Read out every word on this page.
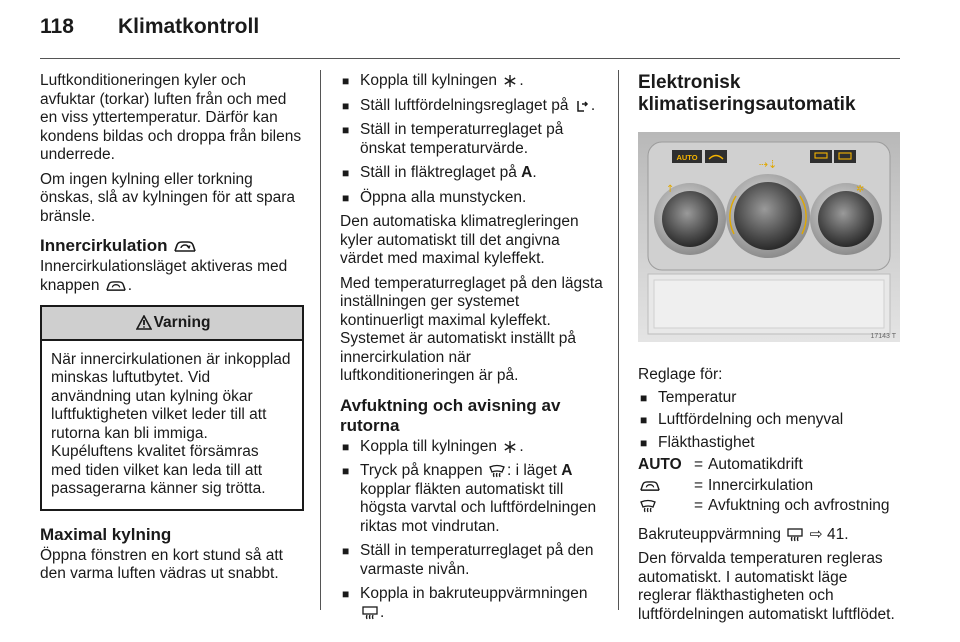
118 Klimatkontroll

Luftkonditioneringen kyler och avfuktar (torkar) luften från och med en viss yttertemperatur. Därför kan kondens bildas och droppa från bilens underrede.

Om ingen kylning eller torkning önskas, slå av kylningen för att spara bränsle.

Innercirkulation

Innercirkulationsläget aktiveras med knappen .

Varning
När innercirkulationen är inkopplad minskas luftutbytet. Vid användning utan kylning ökar luftfuktigheten vilket leder till att rutorna kan bli immiga. Kupéluftens kvalitet försämras med tiden vilket kan leda till att passagerarna känner sig trötta.
Maximal kylning

Öppna fönstren en kort stund så att den varma luften vädras ut snabbt.

■ Koppla till kylningen .
■ Ställ luftfördelningsreglaget på .
■ Ställ in temperaturreglaget på önskat temperaturvärde.
■ Ställ in fläktreglaget på A.
■ Öppna alla munstycken.

Den automatiska klimatregleringen kyler automatiskt till det angivna värdet med maximal kyleffekt.

Med temperaturreglaget på den lägsta inställningen ger systemet kontinuerligt maximal kyleffekt. Systemet är automatiskt inställt på innercirkulation när luftkonditioneringen är på.

Avfuktning och avisning av rutorna
■ Koppla till kylningen .
■ Tryck på knappen : i läget A kopplar fläkten automatiskt till högsta varvtal och luftfördelningen riktas mot vindrutan.
■ Ställ in temperaturreglaget på den varmaste nivån.
■ Koppla in bakruteuppvärmningen
.
Elektronisk klimatiseringsautomatik
AUTO
⇢⇣
↑	✲
17143 T

Reglage för:

■ Temperatur
■ Luftfördelning och menyval
■ Fläkthastighet
AUTO = Automatikdrift
= Innercirkulation
= Avfuktning och avfrostning

Bakruteuppvärmning ⇨ 41.

Den förvalda temperaturen regleras automatiskt. I automatiskt läge reglerar fläkthastigheten och luftfördelningen automatiskt luftflödet.
